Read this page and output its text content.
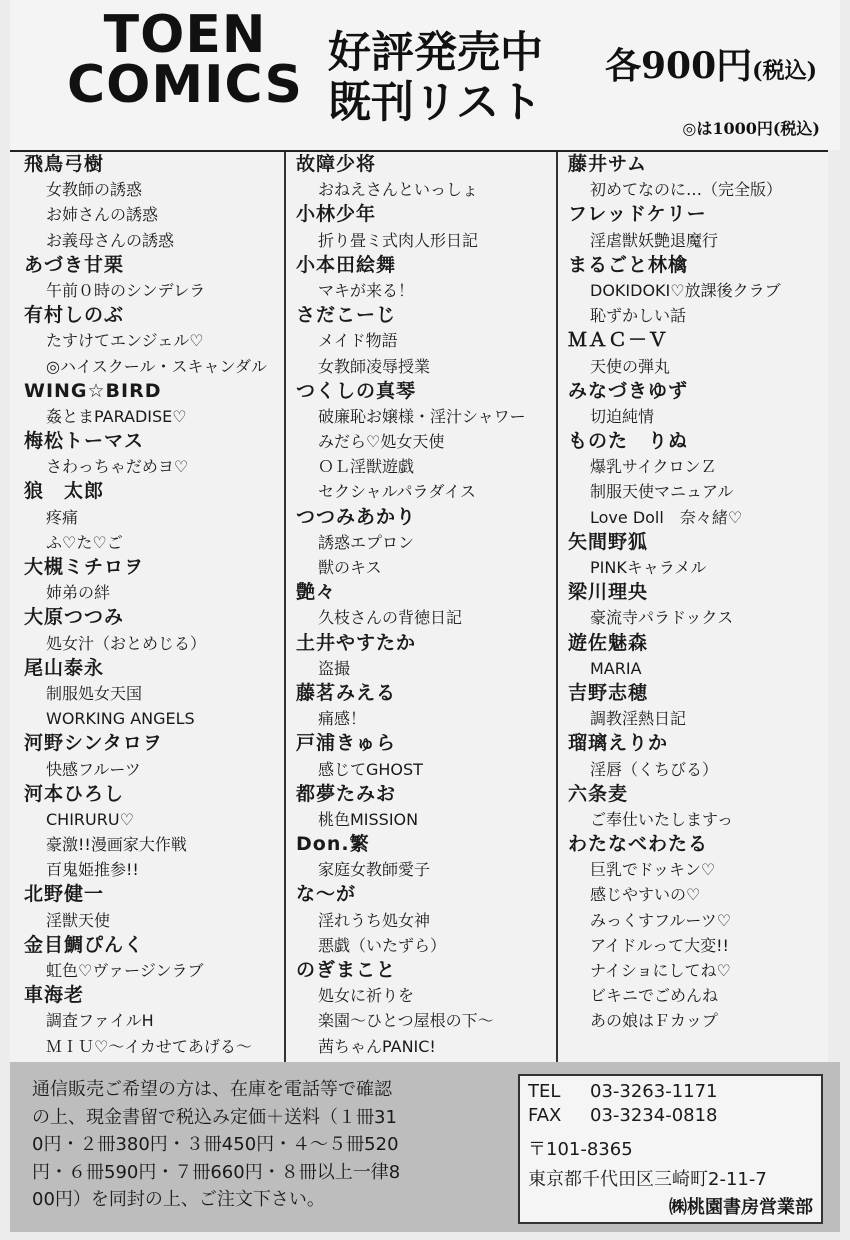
TOEN
COMICS
好評発売中
既刊リスト
各900円(税込)
◎は1000円(税込)
飛鳥弓樹
女教師の誘惑
お姉さんの誘惑
お義母さんの誘惑
あづき甘栗
午前０時のシンデレラ
有村しのぶ
たすけてエンジェル♡
◎ハイスクール・スキャンダル
WING☆BIRD
姦とまPARADISE♡
梅松トーマス
さわっちゃだめヨ♡
狼　太郎
疼痛
ふ♡た♡ご
大槻ミチロヲ
姉弟の絆
大原つつみ
処女汁（おとめじる）
尾山泰永
制服処女天国
WORKING ANGELS
河野シンタロヲ
快感フルーツ
河本ひろし
CHIRURU♡
豪激!!漫画家大作戦
百鬼姫推参!!
北野健一
淫獣天使
金目鯛ぴんく
虹色♡ヴァージンラブ
車海老
調査ファイルH
ＭＩＵ♡～イカせてあげる～
故障少将
おねえさんといっしょ
小林少年
折り畳ミ式肉人形日記
小本田絵舞
マキが来る！
さだこーじ
メイド物語
女教師凌辱授業
つくしの真琴
破廉恥お嬢様・淫汁シャワー
みだら♡処女天使
ＯＬ淫獣遊戯
セクシャルパラダイス
つつみあかり
誘惑エプロン
獣のキス
艶々
久枝さんの背徳日記
土井やすたか
盗撮
藤茗みえる
痛感！
戸浦きゅら
感じてGHOST
都夢たみお
桃色MISSION
Don.繁
家庭女教師愛子
な～が
淫れうち処女神
悪戯（いたずら）
のぎまこと
処女に祈りを
楽園～ひとつ屋根の下～
茜ちゃんPANIC!
藤井サム
初めてなのに…（完全版）
フレッドケリー
淫虐獣妖艶退魔行
まるごと林檎
DOKIDOKI♡放課後クラブ
恥ずかしい話
ＭＡＣ－Ｖ
天使の弾丸
みなづきゆず
切迫純情
ものた　りぬ
爆乳サイクロンＺ
制服天使マニュアル
Love Doll　奈々緒♡
矢間野狐
PINKキャラメル
梁川理央
豪流寺パラドックス
遊佐魅森
MARIA
吉野志穂
調教淫熱日記
瑠璃えりか
淫唇（くちびる）
六条麦
ご奉仕いたしますっ
わたなべわたる
巨乳でドッキン♡
感じやすいの♡
みっくすフルーツ♡
アイドルって大変!!
ナイショにしてね♡
ビキニでごめんね
あの娘はＦカップ
通信販売ご希望の方は、在庫を電話等で確認
の上、現金書留で税込み定価＋送料（１冊31
0円・２冊380円・３冊450円・４～５冊520
円・６冊590円・７冊660円・８冊以上一律8
00円）を同封の上、ご注文下さい。
TEL 03-3263-1171
FAX 03-3234-0818
〒101-8365
東京都千代田区三崎町2-11-7
㈱桃園書房営業部
